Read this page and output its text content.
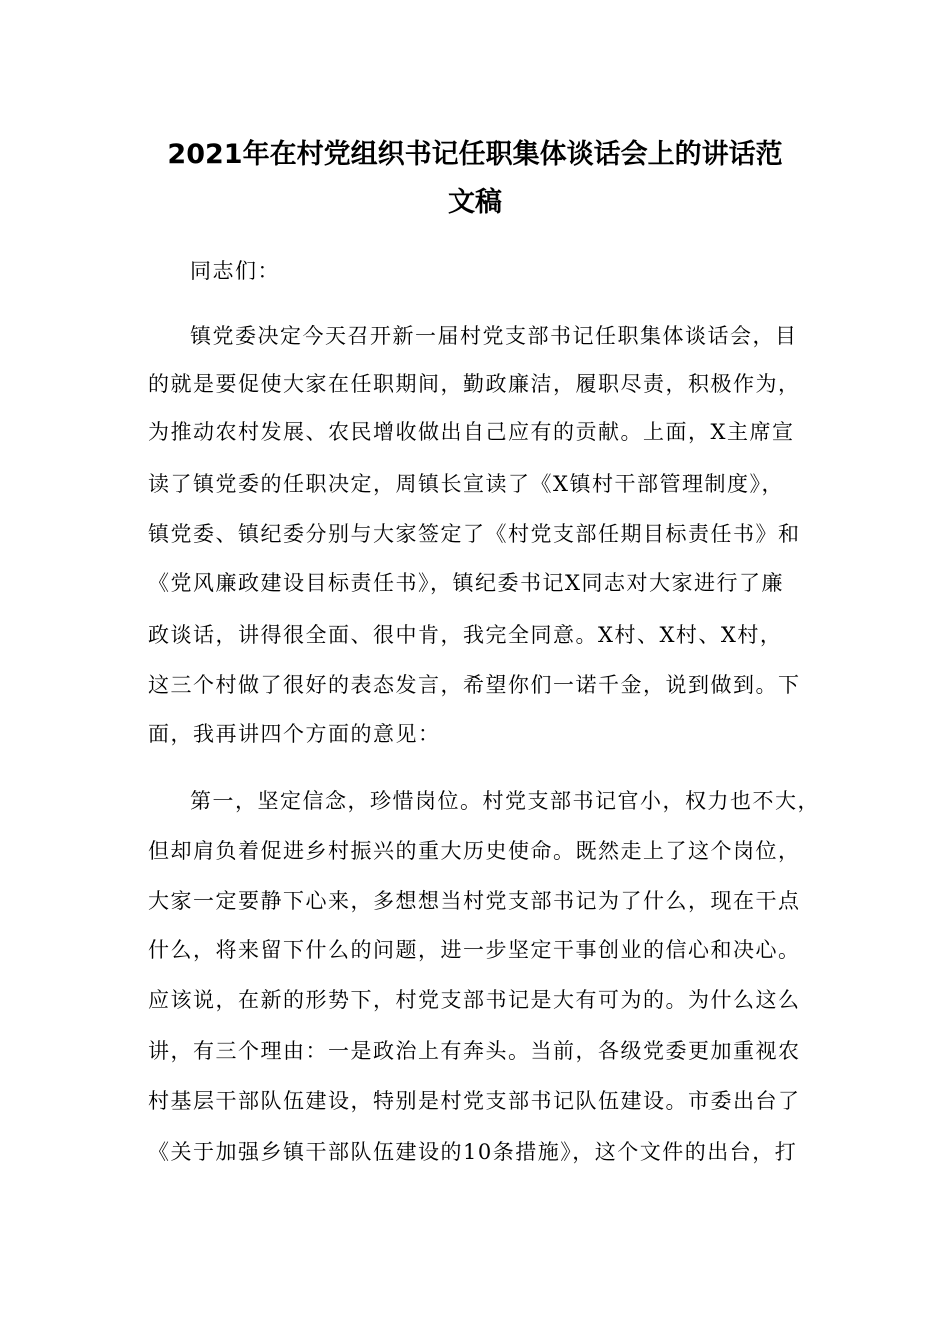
2021年在村党组织书记任职集体谈话会上的讲话范
文稿
同志们：
镇党委决定今天召开新一届村党支部书记任职集体谈话会，目
的就是要促使大家在任职期间，勤政廉洁，履职尽责，积极作为，
为推动农村发展、农民增收做出自己应有的贡献。上面，X主席宣
读了镇党委的任职决定，周镇长宣读了《X镇村干部管理制度》，
镇党委、镇纪委分别与大家签定了《村党支部任期目标责任书》和
《党风廉政建设目标责任书》，镇纪委书记X同志对大家进行了廉
政谈话，讲得很全面、很中肯，我完全同意。X村、X村、X村，
这三个村做了很好的表态发言，希望你们一诺千金，说到做到。下
面，我再讲四个方面的意见：
第一，坚定信念，珍惜岗位。村党支部书记官小，权力也不大，
但却肩负着促进乡村振兴的重大历史使命。既然走上了这个岗位，
大家一定要静下心来，多想想当村党支部书记为了什么，现在干点
什么，将来留下什么的问题，进一步坚定干事创业的信心和决心。
应该说，在新的形势下，村党支部书记是大有可为的。为什么这么
讲，有三个理由：一是政治上有奔头。当前，各级党委更加重视农
村基层干部队伍建设，特别是村党支部书记队伍建设。市委出台了
《关于加强乡镇干部队伍建设的10条措施》，这个文件的出台，打
